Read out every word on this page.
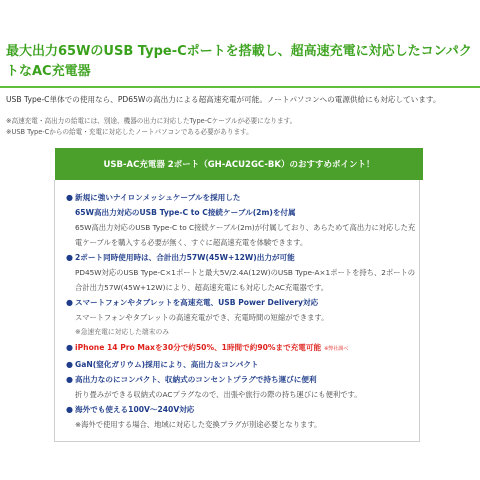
最大出力65WのUSB Type-Cポートを搭載し、超高速充電に対応したコンパクトなAC充電器
USB Type-C単体での使用なら、PD65Wの高出力による超高速充電が可能。ノートパソコンへの電源供給にも対応しています。
※高速充電・高出力の給電には、別途、機器の出力に対応したType-Cケーブルが必要になります。
※USB Type-Cからの給電・充電に対応したノートパソコンである必要があります。
USB-AC充電器 2ポート（GH-ACU2GC-BK）のおすすめポイント！
● 新規に強いナイロンメッシュケーブルを採用した
65W高出力対応のUSB Type-C to C接続ケーブル(2m)を付属
65W高出力対応のUSB Type-C to C接続ケーブル(2m)が付属しており、あらためて高出力に対応した充
電ケーブルを購入する必要が無く、すぐに超高速充電を体験できます。
● 2ポート同時使用時は、合計出力57W(45W+12W)出力が可能
PD45W対応のUSB Type-C×1ポートと最大5V/2.4A(12W)のUSB Type-A×1ポートを持ち、2ポートの
合計出力57W(45W+12W)により、超高速充電にも対応したAC充電器です。
● スマートフォンやタブレットを高速充電、USB Power Delivery対応
スマートフォンやタブレットの高速充電ができ、充電時間の短縮ができます。
※急速充電に対応した端末のみ
● iPhone 14 Pro Maxを30分で約50%、1時間で約90%まで充電可能 ※弊社調べ
● GaN(窒化ガリウム)採用により、高出力＆コンパクト
● 高出力なのにコンパクト、収納式のコンセントプラグで持ち運びに便利
折り畳みができる収納式のACプラグなので、出張や旅行の際の持ち運びにも便利です。
● 海外でも使える100V〜240V対応
※海外で使用する場合、地域に対応した変換プラグが別途必要となります。
